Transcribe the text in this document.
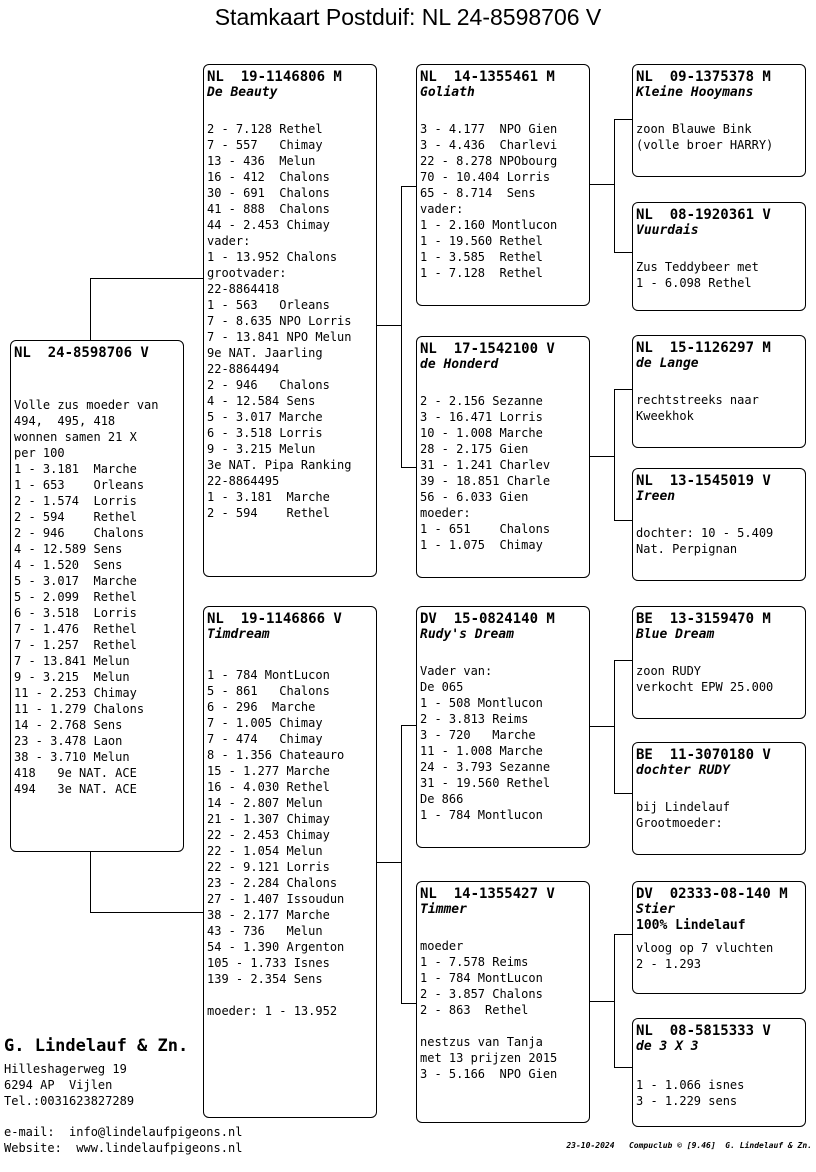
Stamkaart Postduif: NL 24-8598706 V
NL  24-8598706 V
Volle zus moeder van
494,  495, 418
wonnen samen 21 X
per 100
1 - 3.181  Marche
1 - 653    Orleans
2 - 1.574  Lorris
2 - 594    Rethel
2 - 946    Chalons
4 - 12.589 Sens
4 - 1.520  Sens
5 - 3.017  Marche
5 - 2.099  Rethel
6 - 3.518  Lorris
7 - 1.476  Rethel
7 - 1.257  Rethel
7 - 13.841 Melun
9 - 3.215  Melun
11 - 2.253 Chimay
11 - 1.279 Chalons
14 - 2.768 Sens
23 - 3.478 Laon
38 - 3.710 Melun
418   9e NAT. ACE
494   3e NAT. ACE
NL  19-1146806 M
De Beauty
2 - 7.128 Rethel
7 - 557   Chimay
13 - 436  Melun
16 - 412  Chalons
30 - 691  Chalons
41 - 888  Chalons
44 - 2.453 Chimay
vader:
1 - 13.952 Chalons
grootvader:
22-8864418
1 - 563   Orleans
7 - 8.635 NPO Lorris
7 - 13.841 NPO Melun
9e NAT. Jaarling
22-8864494
2 - 946   Chalons
4 - 12.584 Sens
5 - 3.017 Marche
6 - 3.518 Lorris
9 - 3.215 Melun
3e NAT. Pipa Ranking
22-8864495
1 - 3.181  Marche
2 - 594    Rethel
NL  19-1146866 V
Timdream
1 - 784 MontLucon
5 - 861   Chalons
6 - 296  Marche
7 - 1.005 Chimay
7 - 474   Chimay
8 - 1.356 Chateauro
15 - 1.277 Marche
16 - 4.030 Rethel
14 - 2.807 Melun
21 - 1.307 Chimay
22 - 2.453 Chimay
22 - 1.054 Melun
22 - 9.121 Lorris
23 - 2.284 Chalons
27 - 1.407 Issoudun
38 - 2.177 Marche
43 - 736   Melun
54 - 1.390 Argenton
105 - 1.733 Isnes
139 - 2.354 Sens

moeder: 1 - 13.952
NL  14-1355461 M
Goliath
3 - 4.177  NPO Gien
3 - 4.436  Charlevi
22 - 8.278 NPObourg
70 - 10.404 Lorris
65 - 8.714  Sens
vader:
1 - 2.160 Montlucon
1 - 19.560 Rethel
1 - 3.585  Rethel
1 - 7.128  Rethel
NL  17-1542100 V
de Honderd
2 - 2.156 Sezanne
3 - 16.471 Lorris
10 - 1.008 Marche
28 - 2.175 Gien
31 - 1.241 Charlev
39 - 18.851 Charle
56 - 6.033 Gien
moeder:
1 - 651    Chalons
1 - 1.075  Chimay
DV  15-0824140 M
Rudy's Dream
Vader van:
De 065
1 - 508 Montlucon
2 - 3.813 Reims
3 - 720   Marche
11 - 1.008 Marche
24 - 3.793 Sezanne
31 - 19.560 Rethel
De 866
1 - 784 Montlucon
NL  14-1355427 V
Timmer
moeder
1 - 7.578 Reims
1 - 784 MontLucon
2 - 3.857 Chalons
2 - 863  Rethel

nestzus van Tanja
met 13 prijzen 2015
3 - 5.166  NPO Gien
NL  09-1375378 M
Kleine Hooymans
zoon Blauwe Bink
(volle broer HARRY)
NL  08-1920361 V
Vuurdais
Zus Teddybeer met
1 - 6.098 Rethel
NL  15-1126297 M
de Lange
rechtstreeks naar
Kweekhok
NL  13-1545019 V
Ireen
dochter: 10 - 5.409
Nat. Perpignan
BE  13-3159470 M
Blue Dream
zoon RUDY
verkocht EPW 25.000
BE  11-3070180 V
dochter RUDY
bij Lindelauf
Grootmoeder:
DV  02333-08-140 M
Stier
100% Lindelauf
vloog op 7 vluchten
2 - 1.293
NL  08-5815333 V
de 3 X 3
1 - 1.066 isnes
3 - 1.229 sens
G. Lindelauf & Zn.
Hilleshagerweg 19
6294 AP  Vijlen
Tel.:0031623827289
e-mail:  info@lindelaufpigeons.nl
Website:  www.lindelaufpigeons.nl	23-10-2024   Compuclub © [9.46]  G. Lindelauf & Zn.
